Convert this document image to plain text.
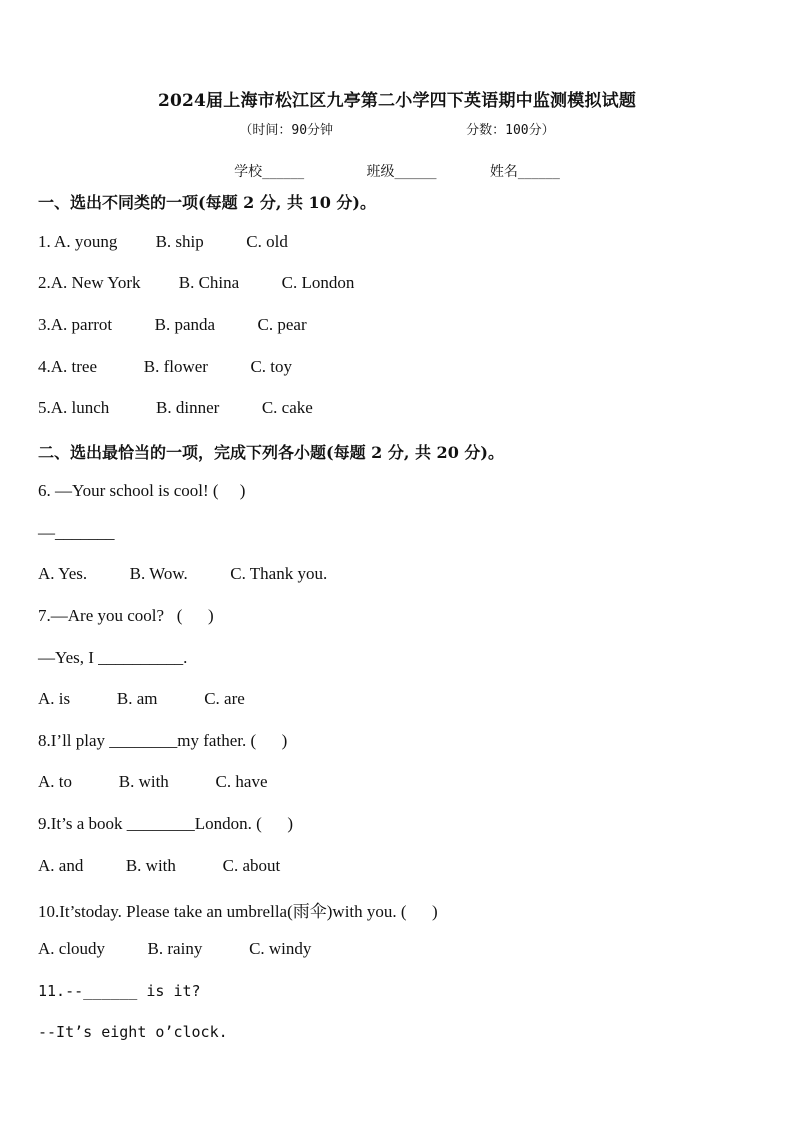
2024届上海市松江区九亭第二小学四下英语期中监测模拟试题
（时间：90分钟                 分数：100分）
学校______              班级______            姓名______
一、选出不同类的一项(每题 2 分, 共 10 分)。
1. A. young         B. ship          C. old
2.A. New York         B. China          C. London
3.A. parrot          B. panda          C. pear
4.A. tree           B. flower          C. toy
5.A. lunch           B. dinner          C. cake
二、选出最恰当的一项，完成下列各小题(每题 2 分, 共 20 分)。
6. —Your school is cool! (     )
—_______
A. Yes.          B. Wow.          C. Thank you.
7.—Are you cool?   (      )
—Yes, I __________.
A. is           B. am           C. are
8.I’ll play ________my father. (      )
A. to           B. with           C. have
9.It’s a book ________London. (      )
A. and          B. with           C. about
10.It’stoday. Please take an umbrella(雨伞)with you. (      )
A. cloudy          B. rainy           C. windy
11.--______ is it?
--It’s eight o’clock.
